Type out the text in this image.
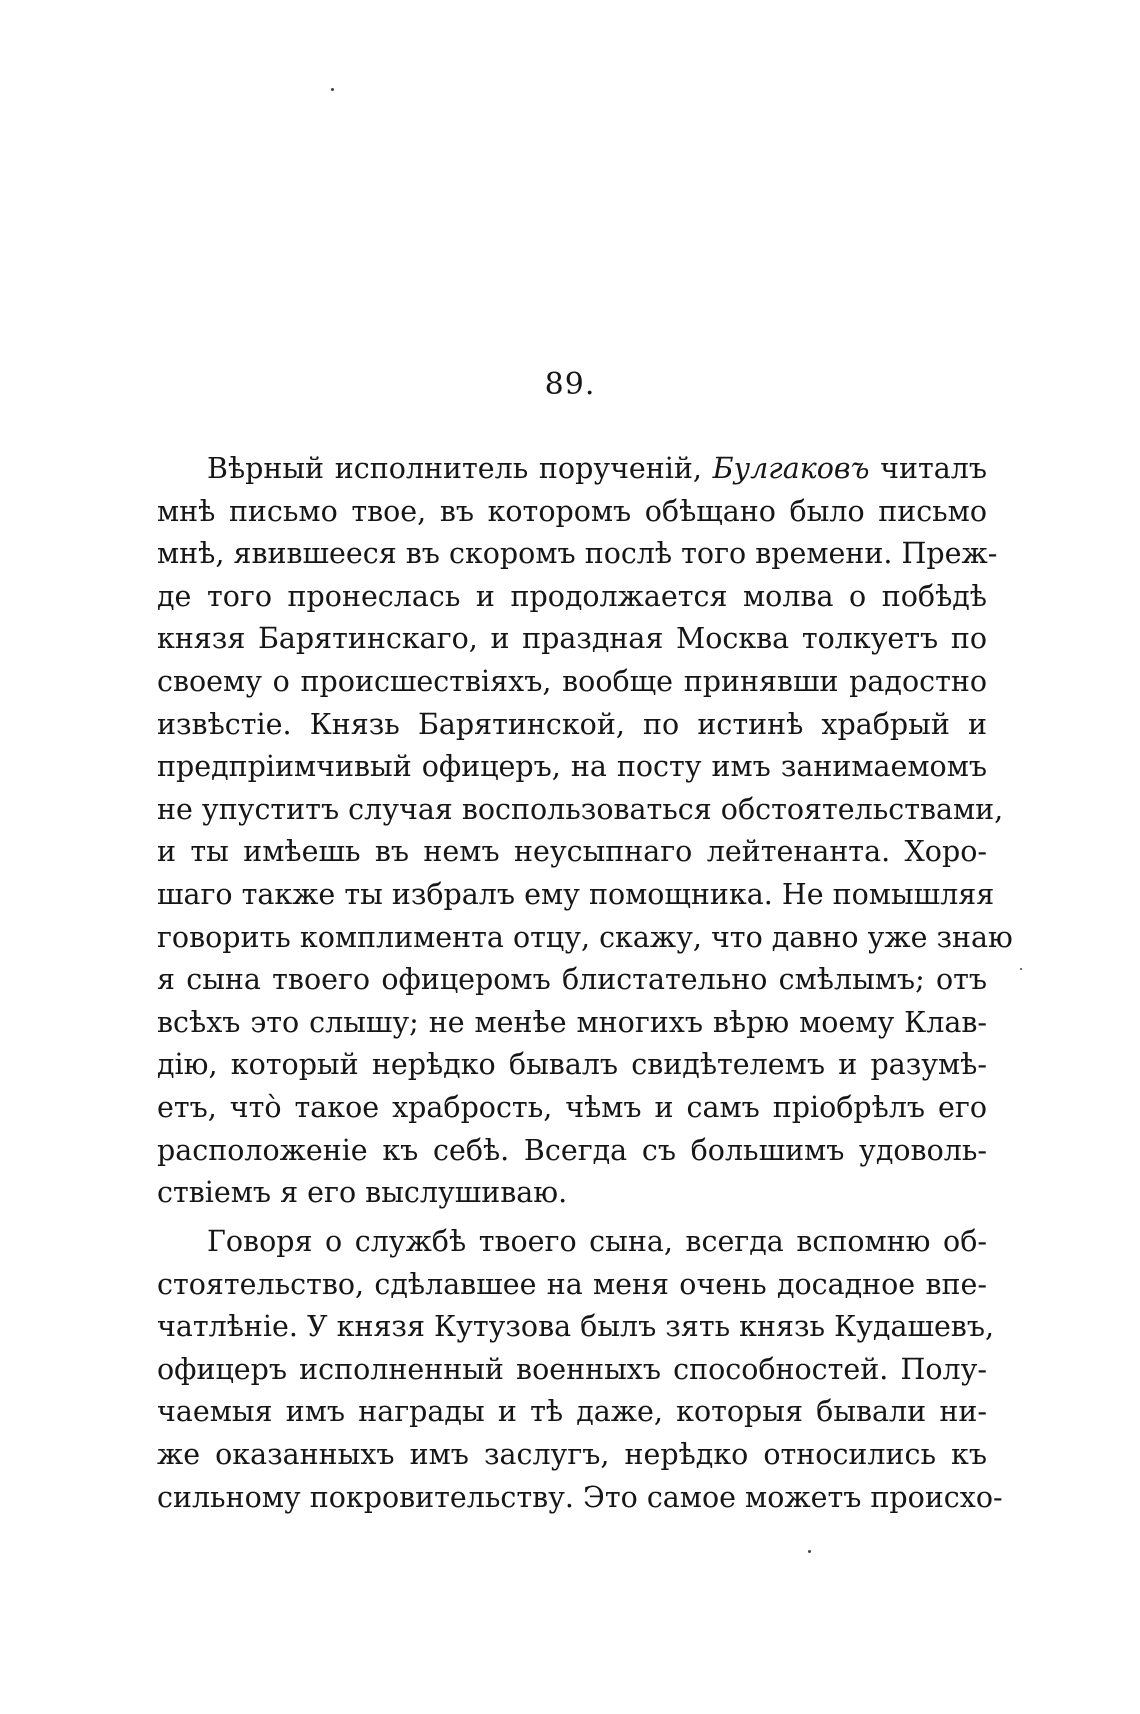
89.
Вѣрный исполнитель порученій, Булгаковъ читалъ
мнѣ письмо твое, въ которомъ обѣщано было письмо
мнѣ, явившееся въ скоромъ послѣ того времени. Преж-
де того пронеслась и продолжается молва о побѣдѣ
князя Барятинскаго, и праздная Москва толкуетъ по
своему о происшествіяхъ, вообще принявши радостно
извѣстіе. Князь Барятинской, по истинѣ храбрый и
предпріимчивый офицеръ, на посту имъ занимаемомъ
не упуститъ случая воспользоваться обстоятельствами,
и ты имѣешь въ немъ неусыпнаго лейтенанта. Хоро-
шаго также ты избралъ ему помощника. Не помышляя
говорить комплимента отцу, скажу, что давно уже знаю
я сына твоего офицеромъ блистательно смѣлымъ; отъ
всѣхъ это слышу; не менѣе многихъ вѣрю моему Клав-
дію, который нерѣдко бывалъ свидѣтелемъ и разумѣ-
етъ, что̀ такое храбрость, чѣмъ и самъ пріобрѣлъ его
расположеніе къ себѣ. Всегда съ большимъ удоволь-
ствіемъ я его выслушиваю.
Говоря о службѣ твоего сына, всегда вспомню об-
стоятельство, сдѣлавшее на меня очень досадное впе-
чатлѣніе. У князя Кутузова былъ зять князь Кудашевъ,
офицеръ исполненный военныхъ способностей. Полу-
чаемыя имъ награды и тѣ даже, которыя бывали ни-
же оказанныхъ имъ заслугъ, нерѣдко относились къ
сильному покровительству. Это самое можетъ происхо-
